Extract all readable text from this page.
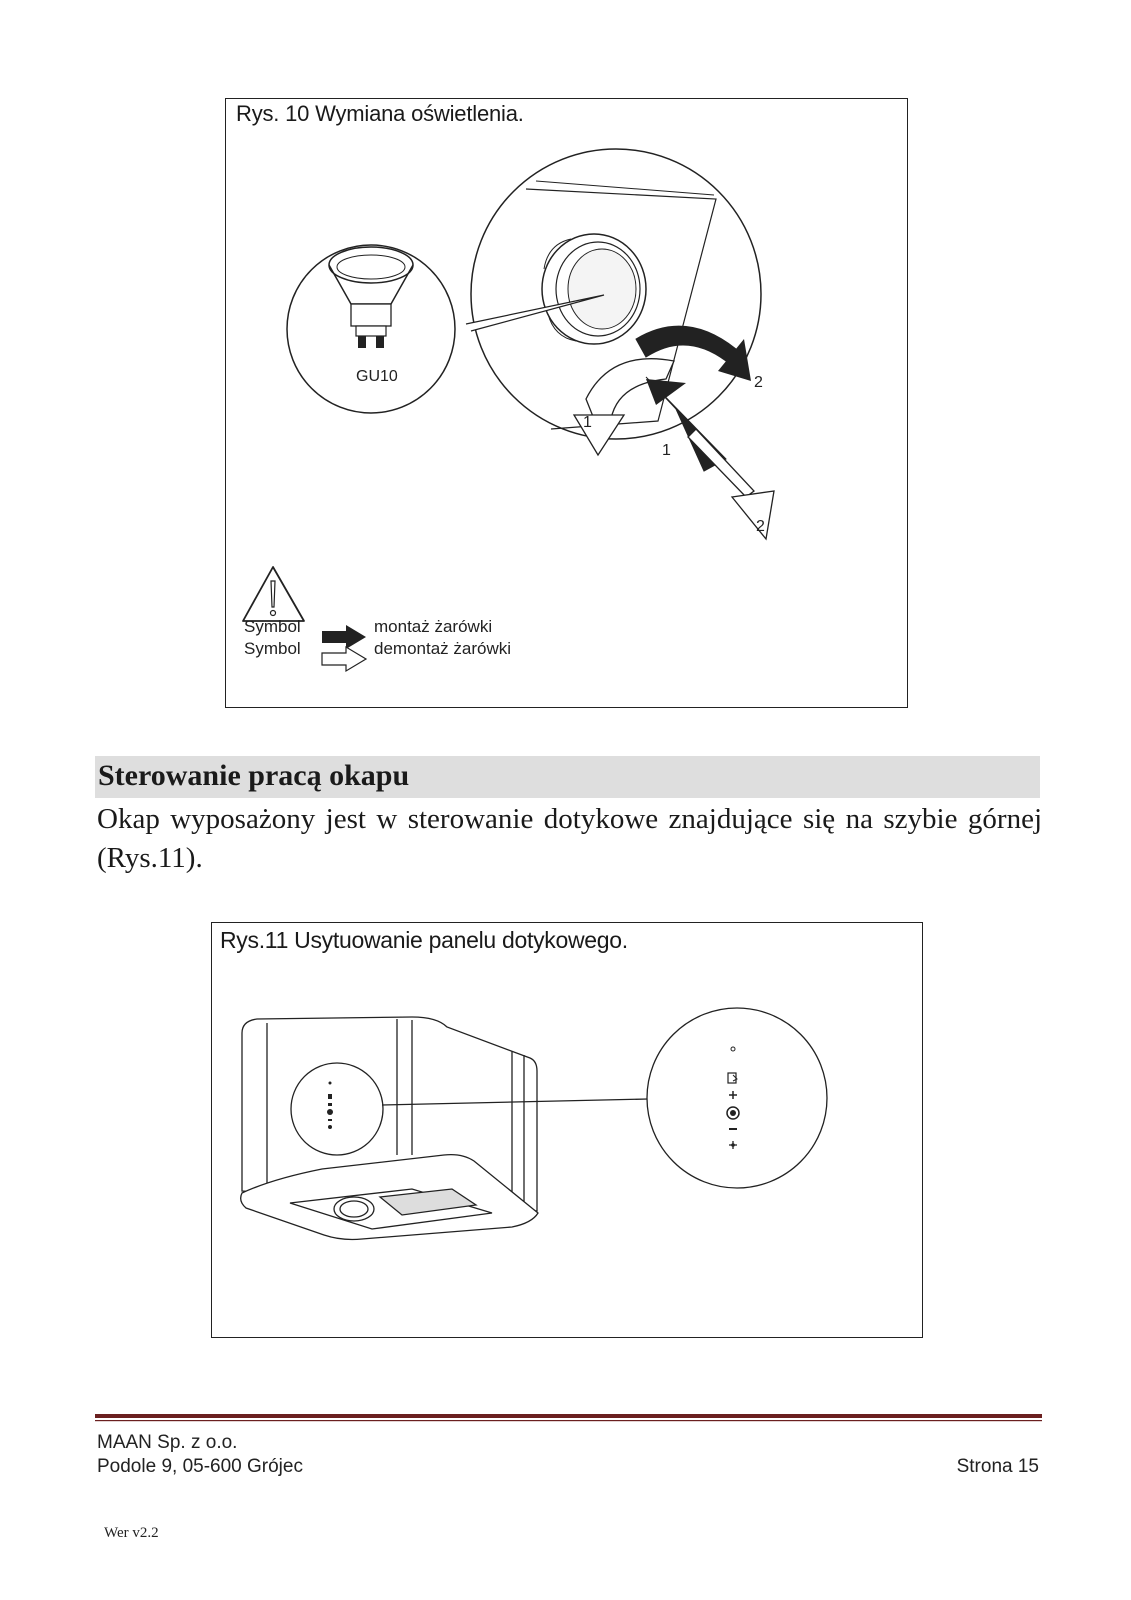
Rys. 10 Wymiana oświetlenia.
GU10
1
2
1
2
Symbol	montaż żarówki
Symbol	demontaż żarówki
Sterowanie pracą okapu
Okap wyposażony jest w sterowanie dotykowe znajdujące się na szybie górnej (Rys.11).
Rys.11 Usytuowanie panelu dotykowego.
MAAN Sp. z o.o.
Podole 9, 05-600 Grójec	Strona 15
Wer v2.2
